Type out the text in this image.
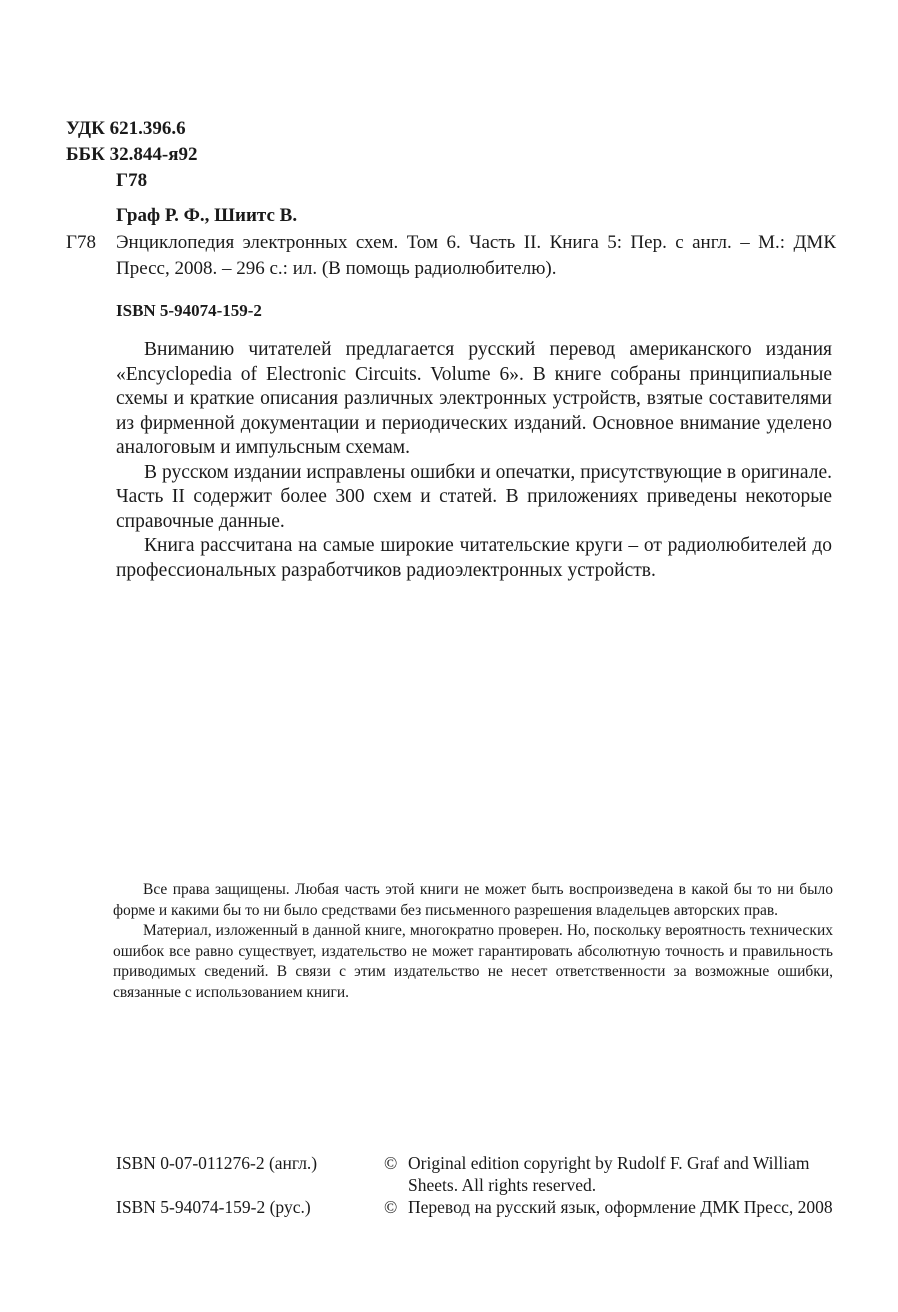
УДК 621.396.6
ББК 32.844-я92
Г78
Граф Р. Ф., Шиитс В.
Г78 Энциклопедия электронных схем. Том 6. Часть II. Книга 5: Пер. с англ. – М.: ДМК Пресс, 2008. – 296 с.: ил. (В помощь радиолюбителю).
ISBN 5-94074-159-2

Вниманию читателей предлагается русский перевод американского издания «Encyclopedia of Electronic Circuits. Volume 6». В книге собраны принципиальные схемы и краткие описания различных электронных устройств, взятые составителями из фирменной документации и периодических изданий. Основное внимание уделено аналоговым и импульсным схемам.

В русском издании исправлены ошибки и опечатки, присутствующие в оригинале. Часть II содержит более 300 схем и статей. В приложениях приведены некоторые справочные данные.

Книга рассчитана на самые широкие читательские круги – от радиолюбителей до профессиональных разработчиков радиоэлектронных устройств.

Все права защищены. Любая часть этой книги не может быть воспроизведена в какой бы то ни было форме и какими бы то ни было средствами без письменного разрешения владельцев авторских прав.

Материал, изложенный в данной книге, многократно проверен. Но, поскольку вероятность технических ошибок все равно существует, издательство не может гарантировать абсолютную точность и правильность приводимых сведений. В связи с этим издательство не несет ответственности за возможные ошибки, связанные с использованием книги.

ISBN 0-07-011276-2 (англ.)	© Original edition copyright by Rudolf F. Graf and William Sheets. All rights reserved.
ISBN 5-94074-159-2 (рус.)	© Перевод на русский язык, оформление ДМК Пресс, 2008
